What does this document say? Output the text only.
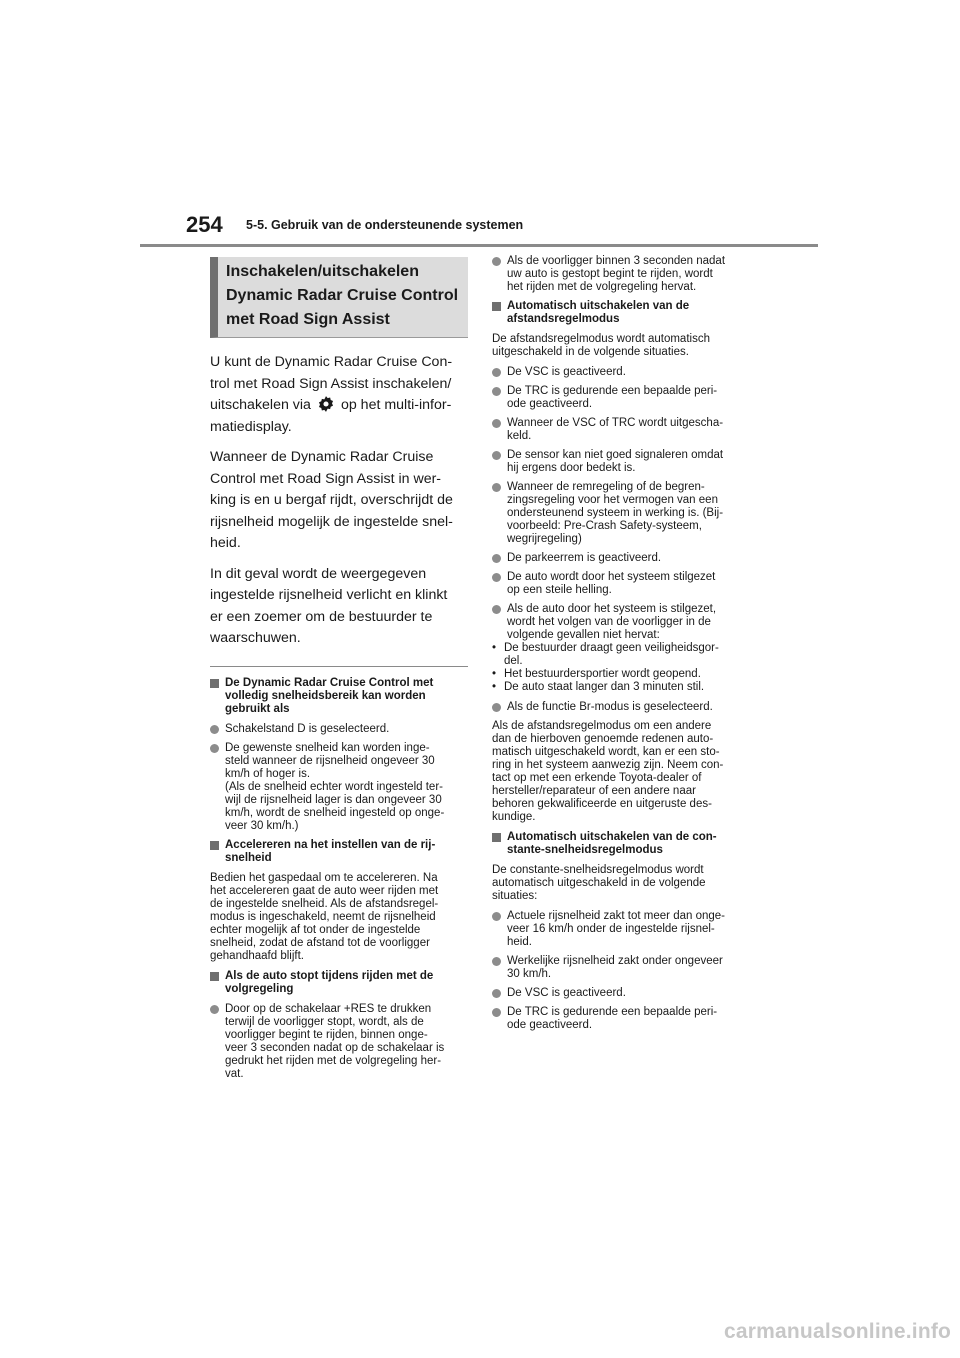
254 5-5. Gebruik van de ondersteunende systemen
Inschakelen/uitschakelen
Dynamic Radar Cruise Control
met Road Sign Assist

U kunt de Dynamic Radar Cruise Con-
trol met Road Sign Assist inschakelen/
uitschakelen via op het multi-infor-
matiedisplay.

Wanneer de Dynamic Radar Cruise
Control met Road Sign Assist in wer-
king is en u bergaf rijdt, overschrijdt de
rijsnelheid mogelijk de ingestelde snel-
heid.

In dit geval wordt de weergegeven
ingestelde rijsnelheid verlicht en klinkt
er een zoemer om de bestuurder te
waarschuwen.

De Dynamic Radar Cruise Control met
volledig snelheidsbereik kan worden
gebruikt als
Schakelstand D is geselecteerd.
De gewenste snelheid kan worden inge-
steld wanneer de rijsnelheid ongeveer 30
km/h of hoger is.
(Als de snelheid echter wordt ingesteld ter-
wijl de rijsnelheid lager is dan ongeveer 30
km/h, wordt de snelheid ingesteld op onge-
veer 30 km/h.)
Accelereren na het instellen van de rij-
snelheid
Bedien het gaspedaal om te accelereren. Na
het accelereren gaat de auto weer rijden met
de ingestelde snelheid. Als de afstandsregel-
modus is ingeschakeld, neemt de rijsnelheid
echter mogelijk af tot onder de ingestelde
snelheid, zodat de afstand tot de voorligger
gehandhaafd blijft.
Als de auto stopt tijdens rijden met de
volgregeling
Door op de schakelaar +RES te drukken
terwijl de voorligger stopt, wordt, als de
voorligger begint te rijden, binnen onge-
veer 3 seconden nadat op de schakelaar is
gedrukt het rijden met de volgregeling her-
vat.
Als de voorligger binnen 3 seconden nadat
uw auto is gestopt begint te rijden, wordt
het rijden met de volgregeling hervat.
Automatisch uitschakelen van de
afstandsregelmodus
De afstandsregelmodus wordt automatisch
uitgeschakeld in de volgende situaties.
De VSC is geactiveerd.
De TRC is gedurende een bepaalde peri-
ode geactiveerd.
Wanneer de VSC of TRC wordt uitgescha-
keld.
De sensor kan niet goed signaleren omdat
hij ergens door bedekt is.
Wanneer de remregeling of de begren-
zingsregeling voor het vermogen van een
ondersteunend systeem in werking is. (Bij-
voorbeeld: Pre-Crash Safety-systeem,
wegrijregeling)
De parkeerrem is geactiveerd.
De auto wordt door het systeem stilgezet
op een steile helling.
Als de auto door het systeem is stilgezet,
wordt het volgen van de voorligger in de
volgende gevallen niet hervat:
• De bestuurder draagt geen veiligheidsgor-
del.
• Het bestuurdersportier wordt geopend.
• De auto staat langer dan 3 minuten stil.
Als de functie Br-modus is geselecteerd.
Als de afstandsregelmodus om een andere
dan de hierboven genoemde redenen auto-
matisch uitgeschakeld wordt, kan er een sto-
ring in het systeem aanwezig zijn. Neem con-
tact op met een erkende Toyota-dealer of
hersteller/reparateur of een andere naar
behoren gekwalificeerde en uitgeruste des-
kundige.
Automatisch uitschakelen van de con-
stante-snelheidsregelmodus
De constante-snelheidsregelmodus wordt
automatisch uitgeschakeld in de volgende
situaties:
Actuele rijsnelheid zakt tot meer dan onge-
veer 16 km/h onder de ingestelde rijsnel-
heid.
Werkelijke rijsnelheid zakt onder ongeveer
30 km/h.
De VSC is geactiveerd.
De TRC is gedurende een bepaalde peri-
ode geactiveerd.
carmanualsonline.info
